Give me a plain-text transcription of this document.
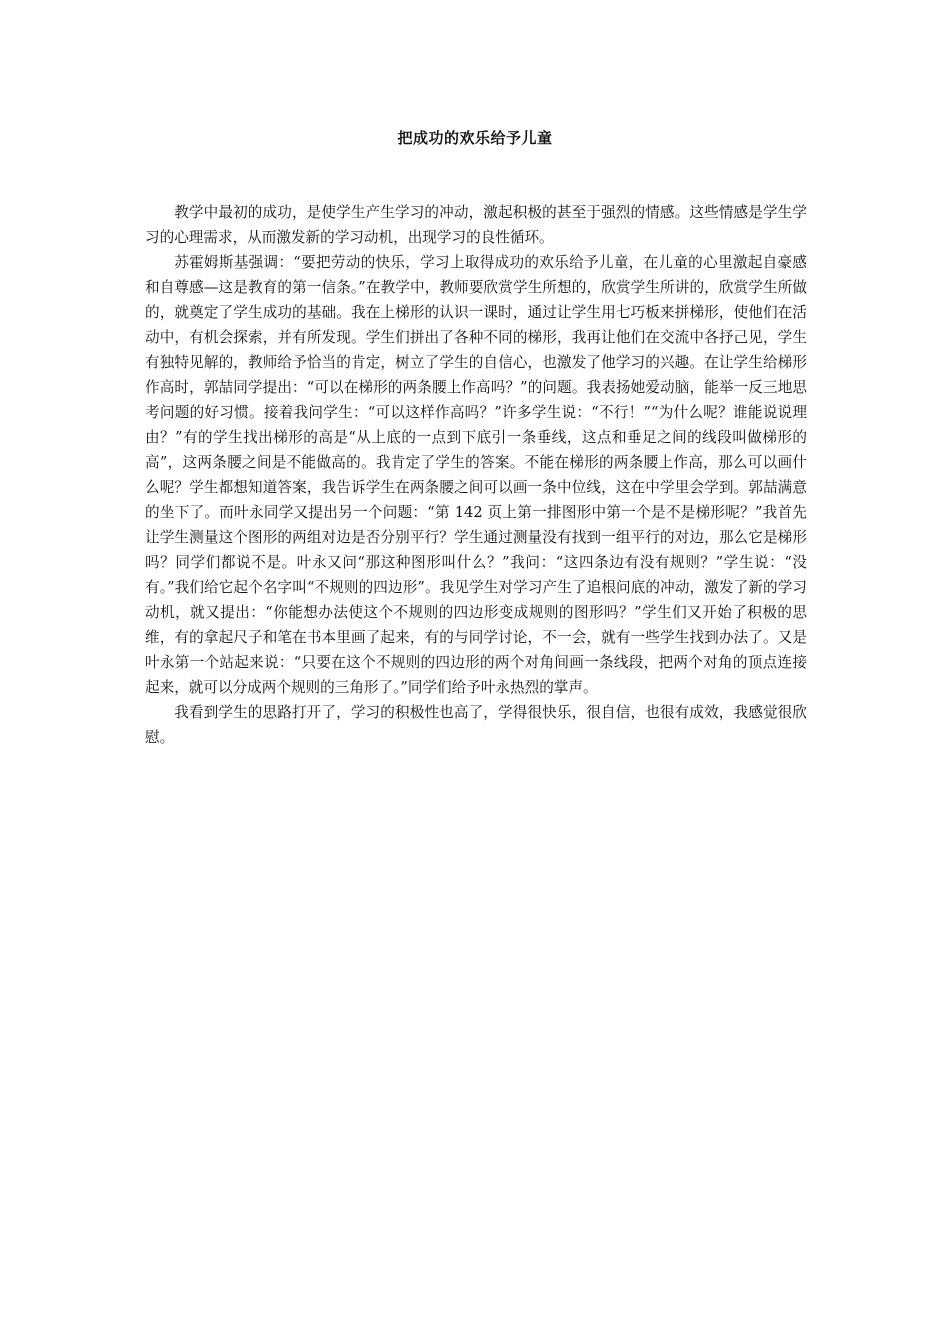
把成功的欢乐给予儿童

教学中最初的成功，是使学生产生学习的冲动，激起积极的甚至于强烈的情感。这些情感是学生学习的心理需求，从而激发新的学习动机，出现学习的良性循环。

苏霍姆斯基强调：“要把劳动的快乐，学习上取得成功的欢乐给予儿童，在儿童的心里激起自豪感和自尊感—这是教育的第一信条。”在教学中，教师要欣赏学生所想的，欣赏学生所讲的，欣赏学生所做的，就奠定了学生成功的基础。我在上梯形的认识一课时，通过让学生用七巧板来拼梯形，使他们在活动中，有机会探索，并有所发现。学生们拼出了各种不同的梯形，我再让他们在交流中各抒己见，学生有独特见解的，教师给予恰当的肯定，树立了学生的自信心，也激发了他学习的兴趣。在让学生给梯形作高时，郭喆同学提出：“可以在梯形的两条腰上作高吗？”的问题。我表扬她爱动脑，能举一反三地思考问题的好习惯。接着我问学生：“可以这样作高吗？”许多学生说：“不行！”“为什么呢？谁能说说理由？”有的学生找出梯形的高是“从上底的一点到下底引一条垂线，这点和垂足之间的线段叫做梯形的高”，这两条腰之间是不能做高的。我肯定了学生的答案。不能在梯形的两条腰上作高，那么可以画什么呢？学生都想知道答案，我告诉学生在两条腰之间可以画一条中位线，这在中学里会学到。郭喆满意的坐下了。而叶永同学又提出另一个问题：“第 142 页上第一排图形中第一个是不是梯形呢？”我首先让学生测量这个图形的两组对边是否分别平行？学生通过测量没有找到一组平行的对边，那么它是梯形吗？同学们都说不是。叶永又问“那这种图形叫什么？”我问：“这四条边有没有规则？”学生说：“没有。”我们给它起个名字叫“不规则的四边形”。我见学生对学习产生了追根问底的冲动，激发了新的学习动机，就又提出：“你能想办法使这个不规则的四边形变成规则的图形吗？”学生们又开始了积极的思维，有的拿起尺子和笔在书本里画了起来，有的与同学讨论，不一会，就有一些学生找到办法了。又是叶永第一个站起来说：“只要在这个不规则的四边形的两个对角间画一条线段，把两个对角的顶点连接起来，就可以分成两个规则的三角形了。”同学们给予叶永热烈的掌声。

我看到学生的思路打开了，学习的积极性也高了，学得很快乐，很自信，也很有成效，我感觉很欣慰。
